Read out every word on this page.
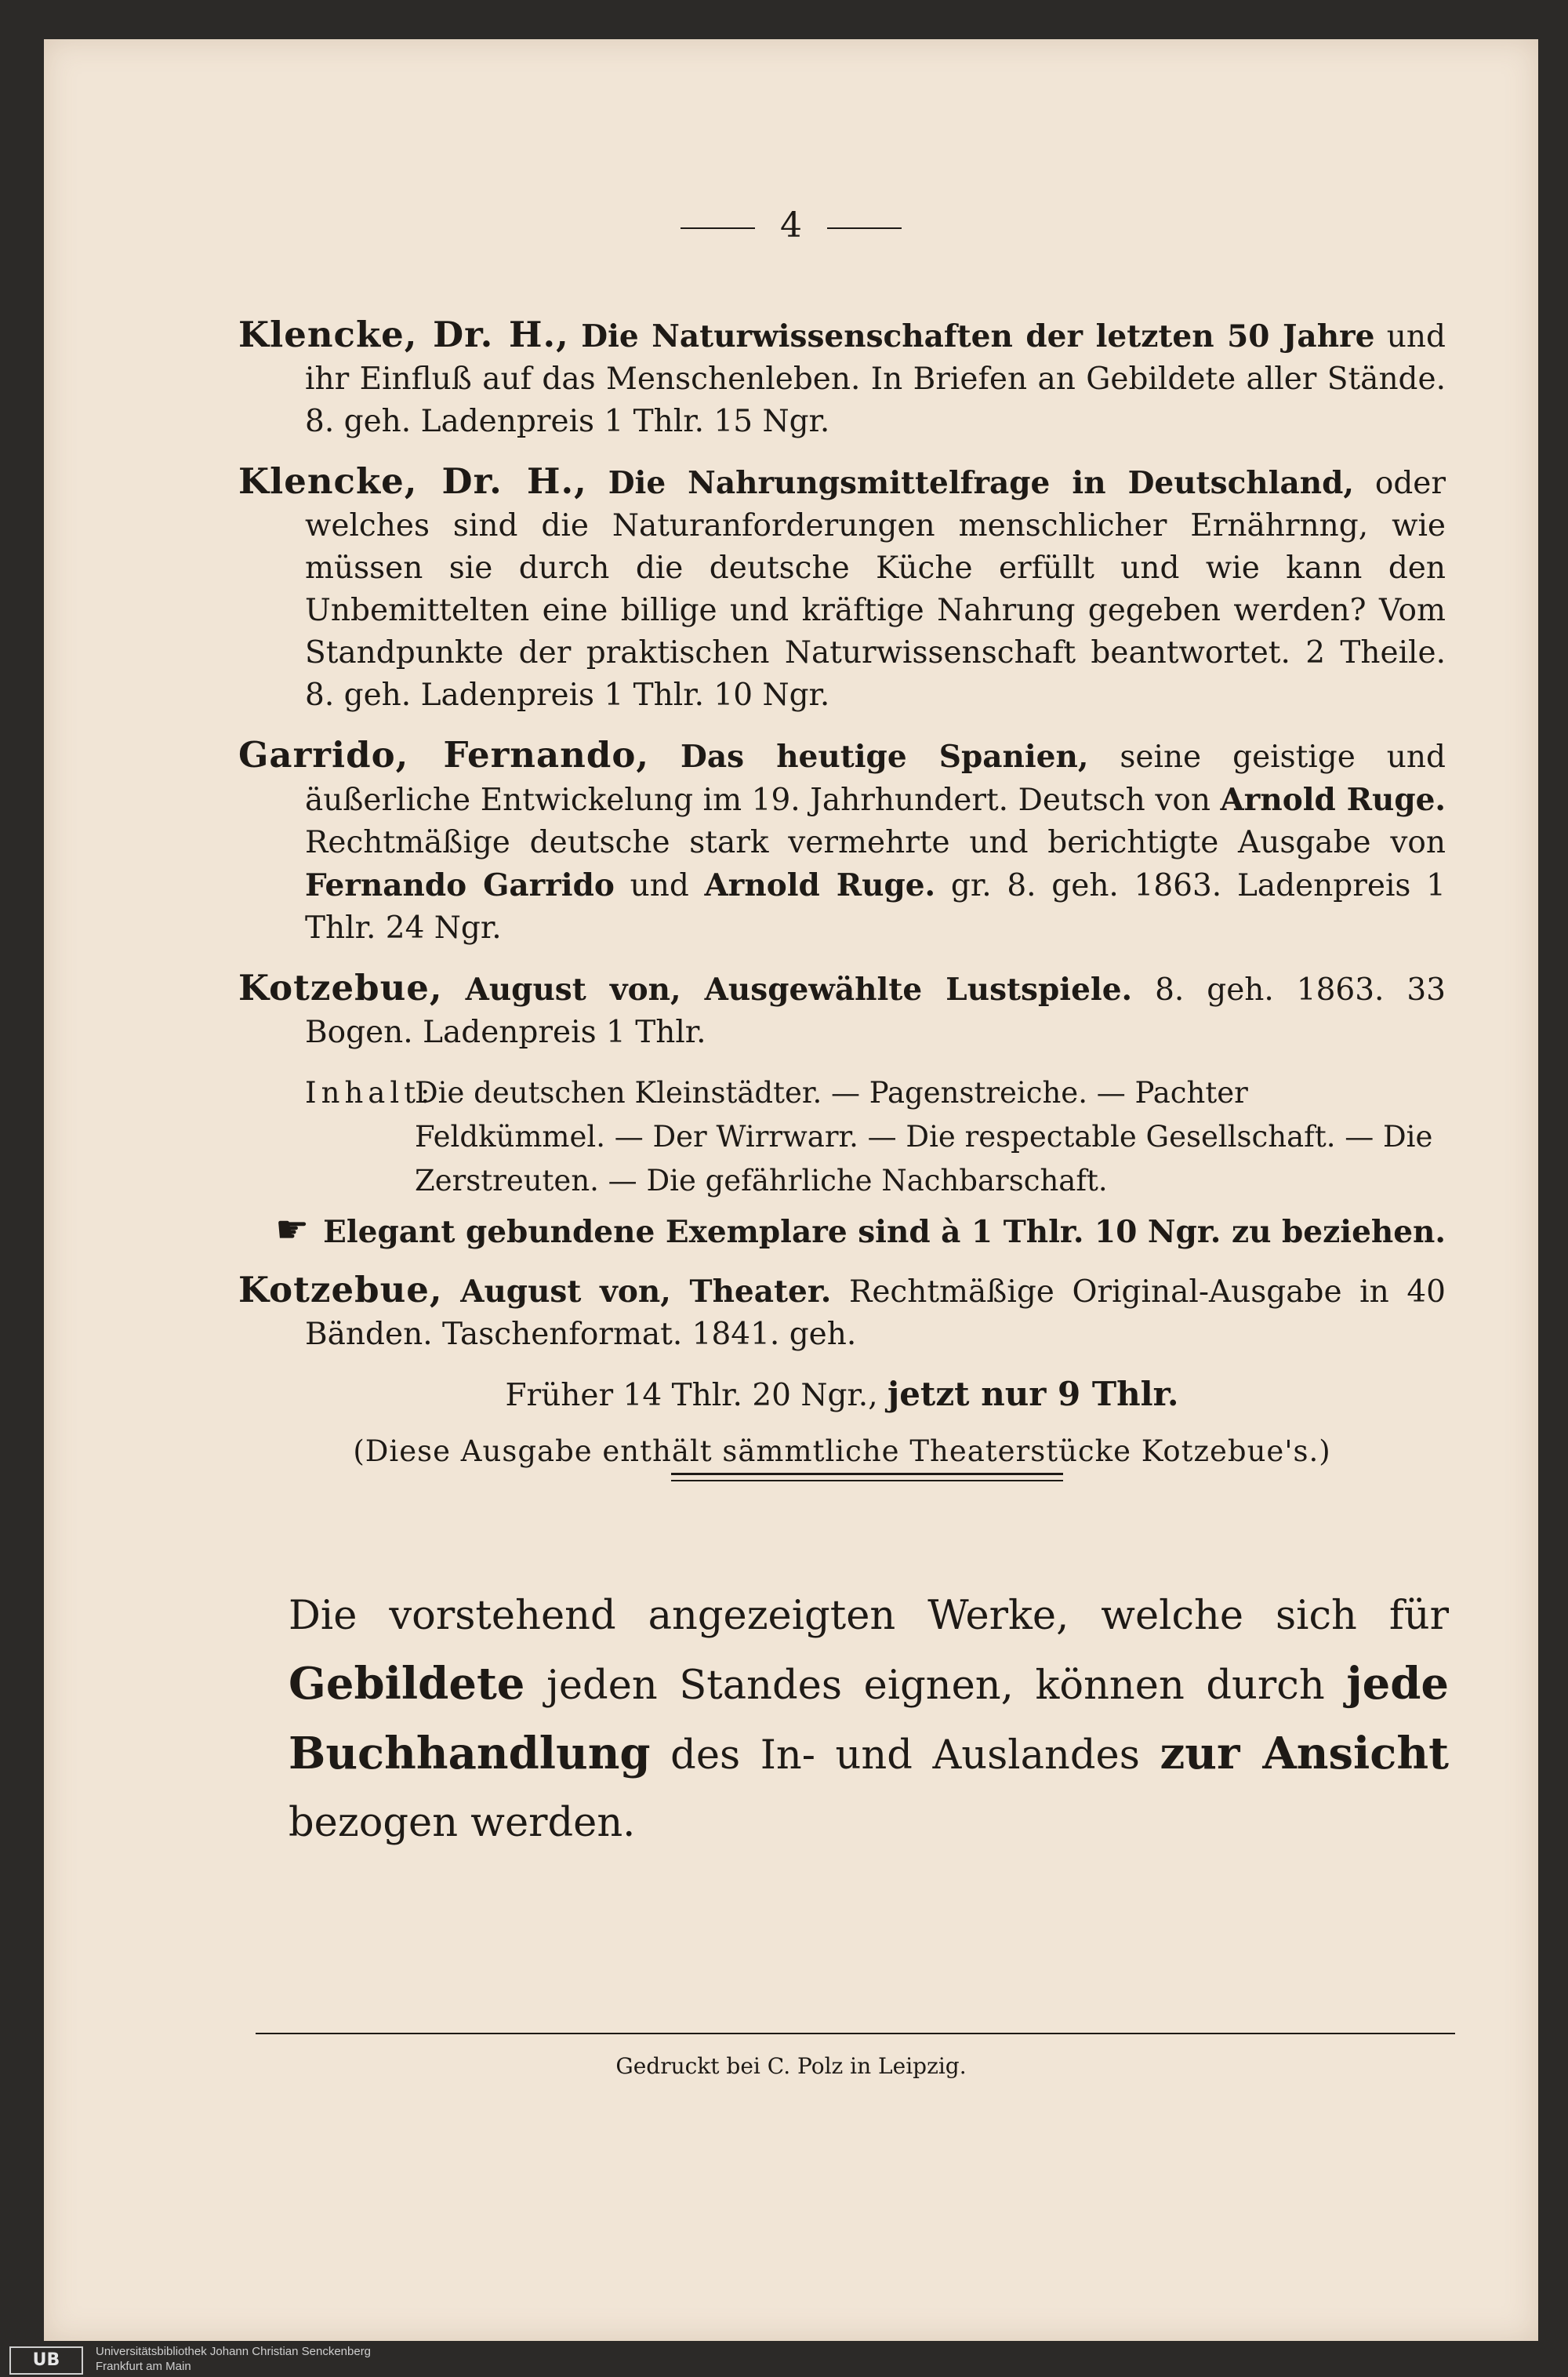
4
Klencke, Dr. H., Die Naturwissenschaften der letzten 50 Jahre und ihr Einfluß auf das Menschenleben. In Briefen an Gebildete aller Stände. 8. geh. Ladenpreis 1 Thlr. 15 Ngr.
Klencke, Dr. H., Die Nahrungsmittelfrage in Deutschland, oder welches sind die Naturanforderungen menschlicher Ernährnng, wie müssen sie durch die deutsche Küche erfüllt und wie kann den Unbemittelten eine billige und kräftige Nahrung gegeben werden? Vom Standpunkte der praktischen Naturwissenschaft beantwortet. 2 Theile. 8. geh. Ladenpreis 1 Thlr. 10 Ngr.
Garrido, Fernando, Das heutige Spanien, seine geistige und äußerliche Entwickelung im 19. Jahrhundert. Deutsch von Arnold Ruge. Rechtmäßige deutsche stark vermehrte und berichtigte Ausgabe von Fernando Garrido und Arnold Ruge. gr. 8. geh. 1863. Ladenpreis 1 Thlr. 24 Ngr.
Kotzebue, August von, Ausgewählte Lustspiele. 8. geh. 1863. 33 Bogen. Ladenpreis 1 Thlr.
Inhalt:
Die deutschen Kleinstädter. — Pagenstreiche. — Pachter Feldkümmel. — Der Wirrwarr. — Die respectable Gesellschaft. — Die Zerstreuten. — Die gefährliche Nachbarschaft.
☛ Elegant gebundene Exemplare sind à 1 Thlr. 10 Ngr. zu beziehen.
Kotzebue, August von, Theater. Rechtmäßige Original-Ausgabe in 40 Bänden. Taschenformat. 1841. geh.
Früher 14 Thlr. 20 Ngr., jetzt nur 9 Thlr.
(Diese Ausgabe enthält sämmtliche Theaterstücke Kotzebue's.)
Die vorstehend angezeigten Werke, welche sich für Gebildete jeden Standes eignen, können durch jede Buchhandlung des In- und Auslandes zur Ansicht bezogen werden.
Gedruckt bei C. Polz in Leipzig.
UB	Universitätsbibliothek Johann Christian Senckenberg
Frankfurt am Main
